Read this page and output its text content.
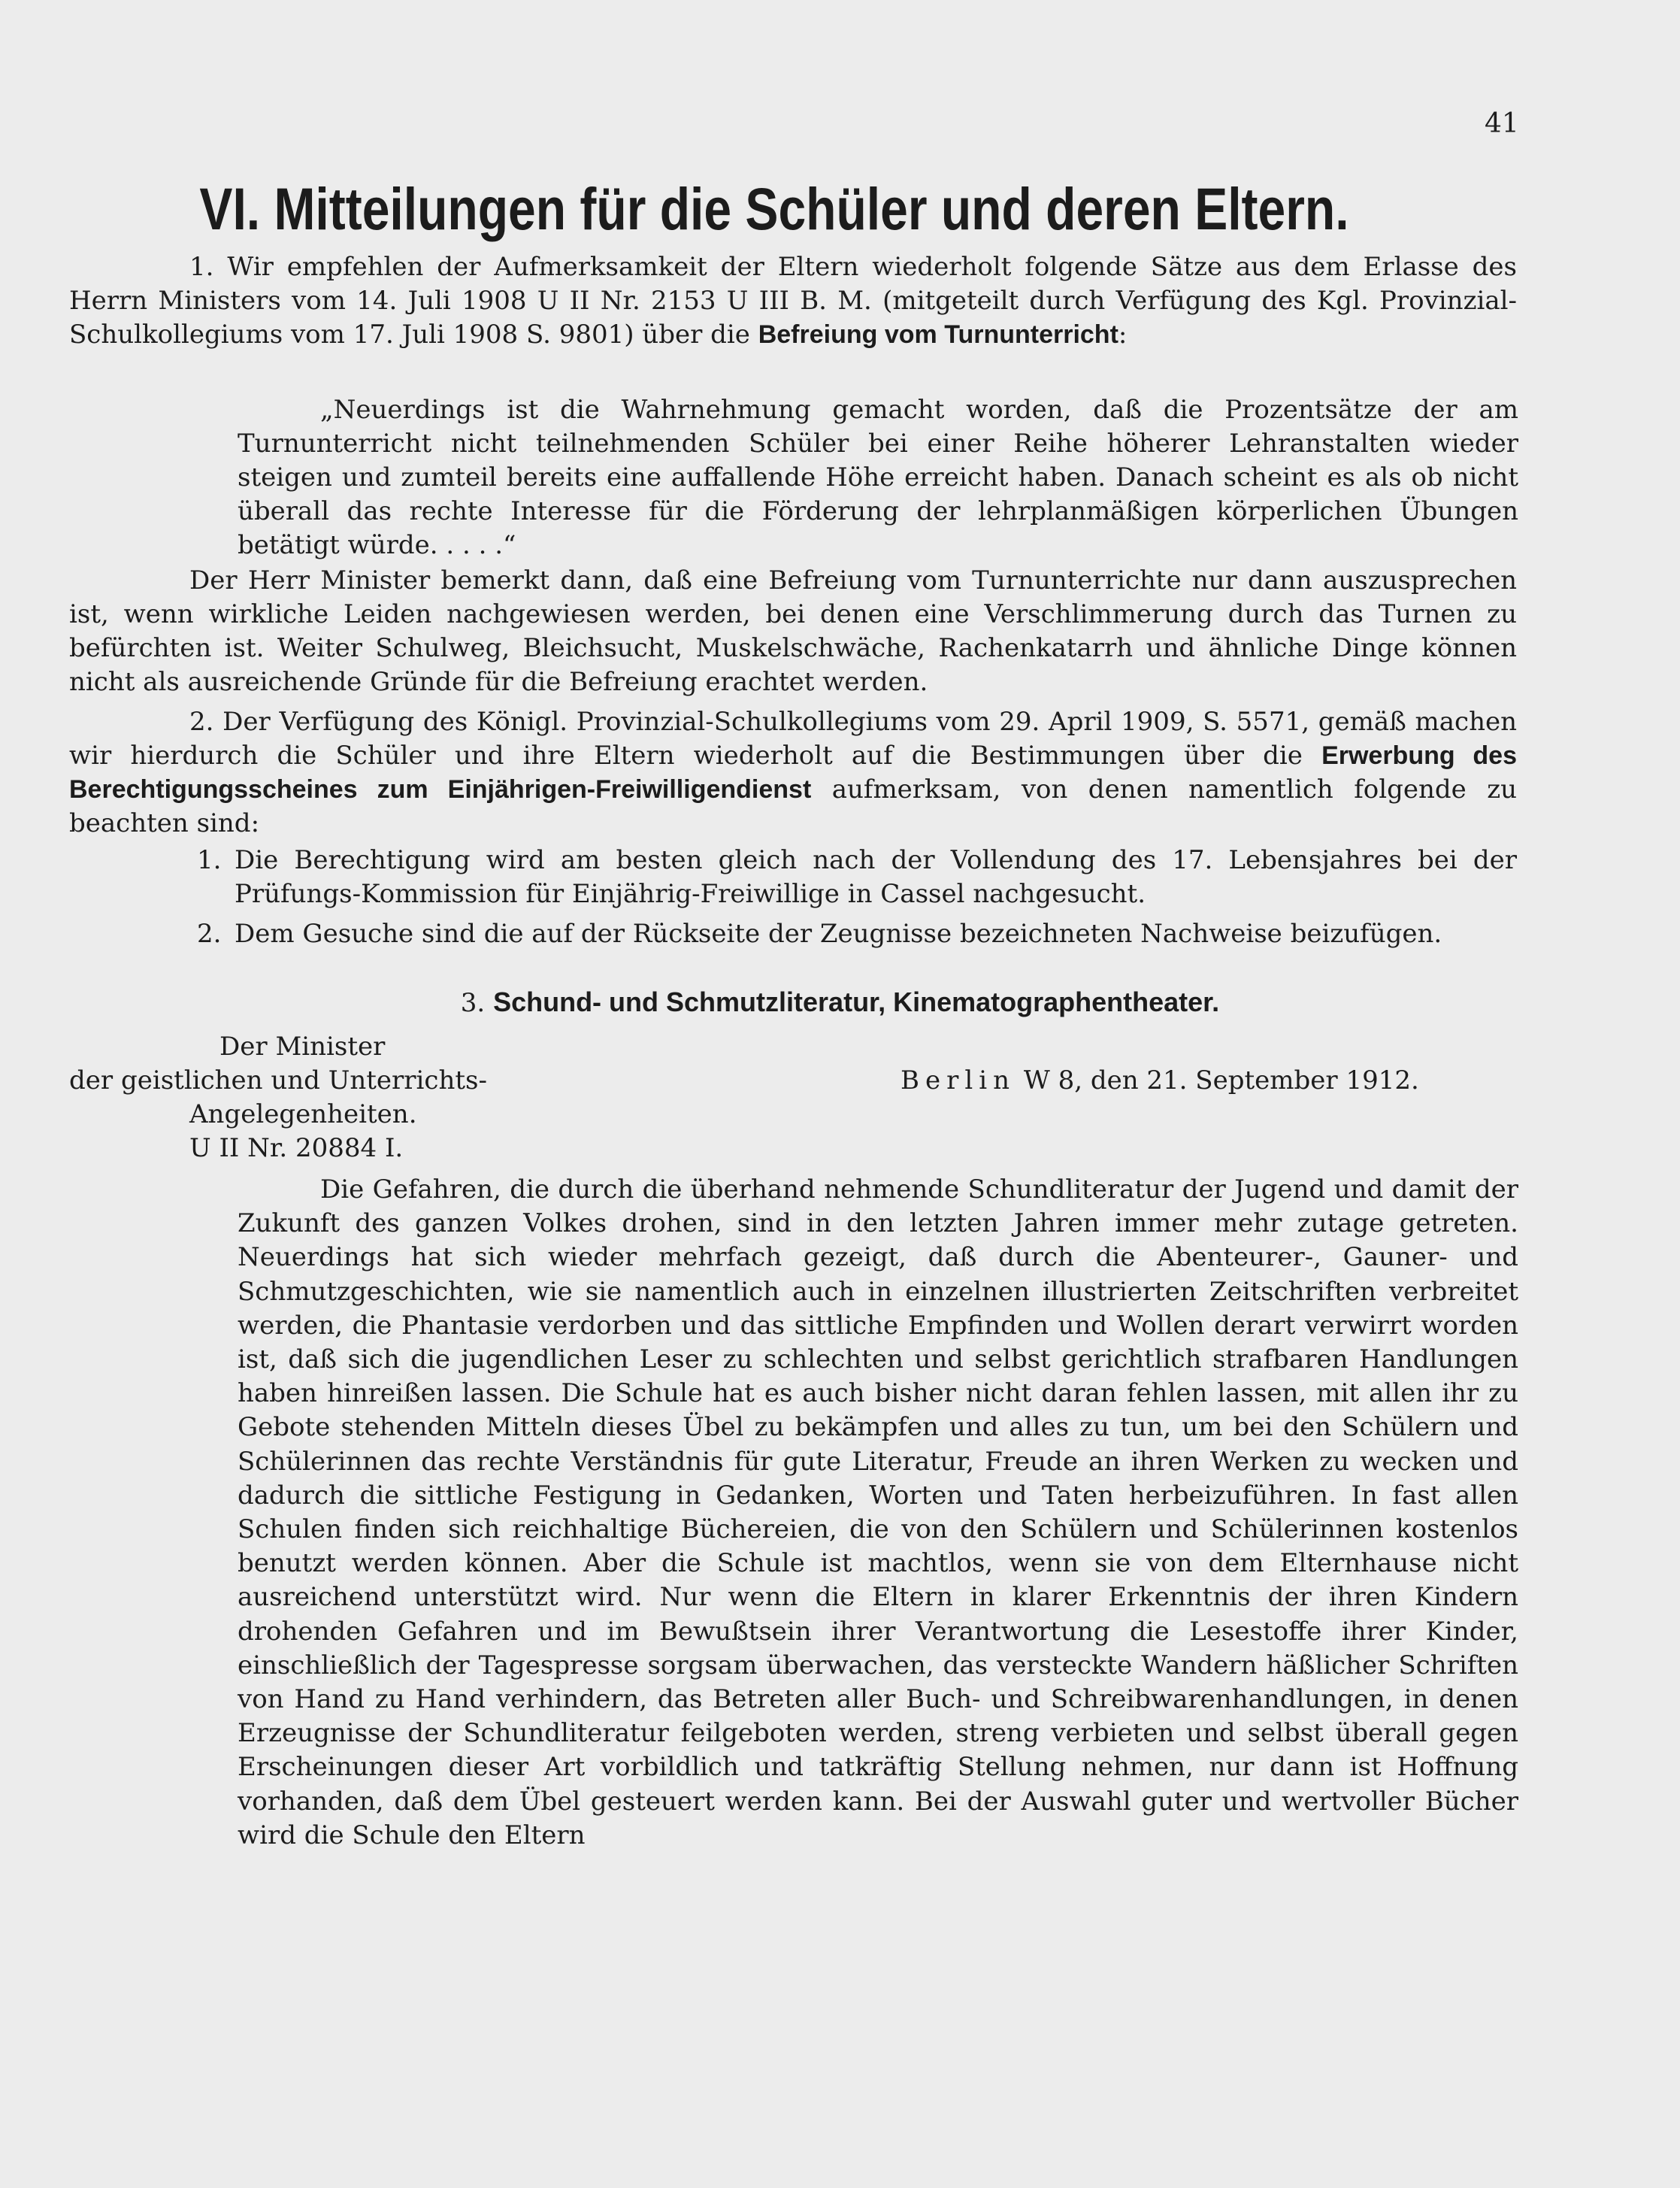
41
VI. Mitteilungen für die Schüler und deren Eltern.

1. Wir empfehlen der Aufmerksamkeit der Eltern wiederholt folgende Sätze aus dem Erlasse des Herrn Ministers vom 14. Juli 1908 U II Nr. 2153 U III B. M. (mitgeteilt durch Verfügung des Kgl. Provinzial-Schulkollegiums vom 17. Juli 1908 S. 9801) über die Befreiung vom Turnunterricht:

„Neuerdings ist die Wahrnehmung gemacht worden, daß die Prozentsätze der am Turnunterricht nicht teilnehmenden Schüler bei einer Reihe höherer Lehranstalten wieder steigen und zumteil bereits eine auffallende Höhe erreicht haben. Danach scheint es als ob nicht überall das rechte Interesse für die Förderung der lehrplanmäßigen körperlichen Übungen betätigt würde. . . . .“

Der Herr Minister bemerkt dann, daß eine Befreiung vom Turnunterrichte nur dann auszusprechen ist, wenn wirkliche Leiden nachgewiesen werden, bei denen eine Verschlimmerung durch das Turnen zu befürchten ist. Weiter Schulweg, Bleichsucht, Muskelschwäche, Rachenkatarrh und ähnliche Dinge können nicht als ausreichende Gründe für die Befreiung erachtet werden.

2. Der Verfügung des Königl. Provinzial-Schulkollegiums vom 29. April 1909, S. 5571, gemäß machen wir hierdurch die Schüler und ihre Eltern wiederholt auf die Bestimmungen über die Erwerbung des Berechtigungsscheines zum Einjährigen-Freiwilligendienst aufmerksam, von denen namentlich folgende zu beachten sind:

1. Die Berechtigung wird am besten gleich nach der Vollendung des 17. Lebensjahres bei der Prüfungs-Kommission für Einjährig-Freiwillige in Cassel nachgesucht.
2. Dem Gesuche sind die auf der Rückseite der Zeugnisse bezeichneten Nachweise beizufügen.
3. Schund- und Schmutzliteratur, Kinematographentheater.
Der Minister
der geistlichen und Unterrichts-
Angelegenheiten.
U II Nr. 20884 I.
Berlin W 8, den 21. September 1912.

Die Gefahren, die durch die überhand nehmende Schundliteratur der Jugend und damit der Zukunft des ganzen Volkes drohen, sind in den letzten Jahren immer mehr zutage getreten. Neuerdings hat sich wieder mehrfach gezeigt, daß durch die Abenteurer-, Gauner- und Schmutzgeschichten, wie sie namentlich auch in einzelnen illustrierten Zeitschriften verbreitet werden, die Phantasie verdorben und das sittliche Empfinden und Wollen derart verwirrt worden ist, daß sich die jugendlichen Leser zu schlechten und selbst gerichtlich strafbaren Handlungen haben hinreißen lassen. Die Schule hat es auch bisher nicht daran fehlen lassen, mit allen ihr zu Gebote stehenden Mitteln dieses Übel zu bekämpfen und alles zu tun, um bei den Schülern und Schülerinnen das rechte Verständnis für gute Literatur, Freude an ihren Werken zu wecken und dadurch die sittliche Festigung in Gedanken, Worten und Taten herbeizuführen. In fast allen Schulen finden sich reichhaltige Büchereien, die von den Schülern und Schülerinnen kostenlos benutzt werden können. Aber die Schule ist machtlos, wenn sie von dem Elternhause nicht ausreichend unterstützt wird. Nur wenn die Eltern in klarer Erkenntnis der ihren Kindern drohenden Gefahren und im Bewußtsein ihrer Verantwortung die Lesestoffe ihrer Kinder, einschließlich der Tagespresse sorgsam überwachen, das versteckte Wandern häßlicher Schriften von Hand zu Hand verhindern, das Betreten aller Buch- und Schreibwarenhandlungen, in denen Erzeugnisse der Schundliteratur feilgeboten werden, streng verbieten und selbst überall gegen Erscheinungen dieser Art vorbildlich und tatkräftig Stellung nehmen, nur dann ist Hoffnung vorhanden, daß dem Übel gesteuert werden kann. Bei der Auswahl guter und wertvoller Bücher wird die Schule den Eltern
